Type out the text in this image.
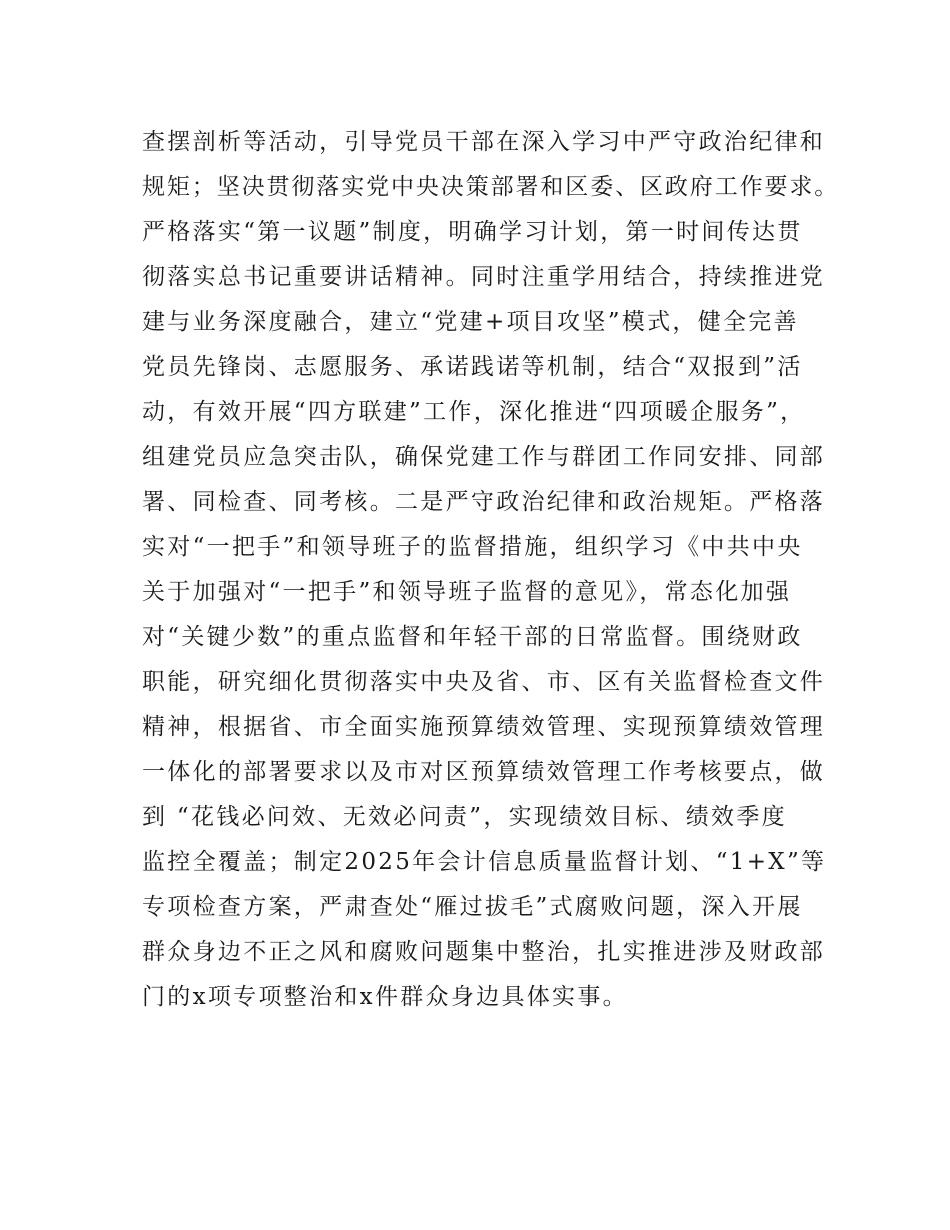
查摆剖析等活动，引导党员干部在深入学习中严守政治纪律和
规矩；坚决贯彻落实党中央决策部署和区委、区政府工作要求。
严格落实“第一议题”制度，明确学习计划，第一时间传达贯
彻落实总书记重要讲话精神。同时注重学用结合，持续推进党
建与业务深度融合，建立“党建+项目攻坚”模式，健全完善
党员先锋岗、志愿服务、承诺践诺等机制，结合“双报到”活
动，有效开展“四方联建”工作，深化推进“四项暖企服务”，
组建党员应急突击队，确保党建工作与群团工作同安排、同部
署、同检查、同考核。二是严守政治纪律和政治规矩。严格落
实对“一把手”和领导班子的监督措施，组织学习《中共中央
关于加强对“一把手”和领导班子监督的意见》，常态化加强
对“关键少数”的重点监督和年轻干部的日常监督。围绕财政
职能，研究细化贯彻落实中央及省、市、区有关监督检查文件
精神，根据省、市全面实施预算绩效管理、实现预算绩效管理
一体化的部署要求以及市对区预算绩效管理工作考核要点，做
到 “花钱必问效、无效必问责”，实现绩效目标、绩效季度
监控全覆盖；制定2025年会计信息质量监督计划、“1+X”等
专项检查方案，严肃查处“雁过拔毛”式腐败问题，深入开展
群众身边不正之风和腐败问题集中整治，扎实推进涉及财政部
门的x项专项整治和x件群众身边具体实事。
